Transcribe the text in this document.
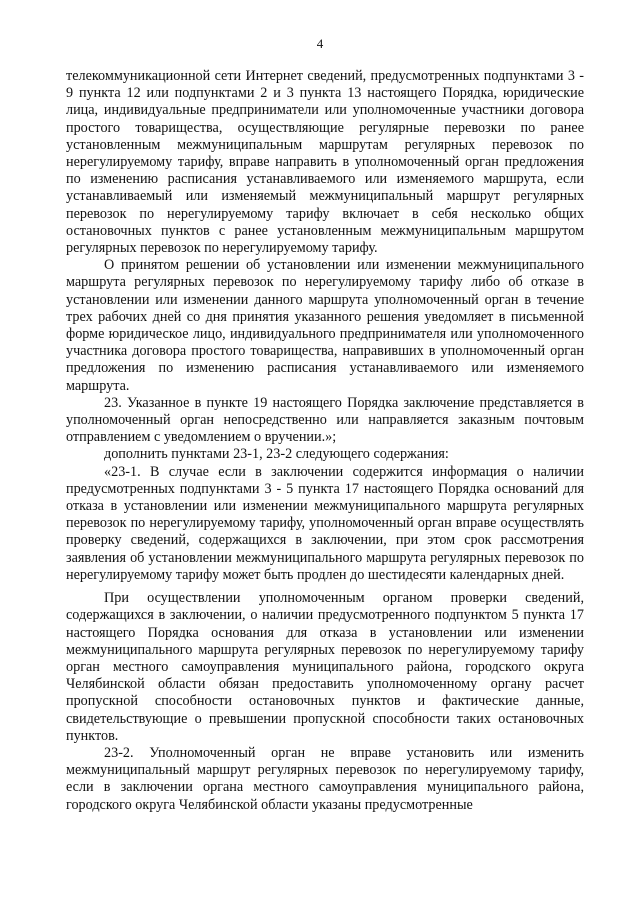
4

телекоммуникационной сети Интернет сведений, предусмотренных подпунктами 3 - 9 пункта 12 или подпунктами 2 и 3 пункта 13 настоящего Порядка, юридические лица, индивидуальные предприниматели или уполномоченные участники договора простого товарищества, осуществляющие регулярные перевозки по ранее установленным межмуниципальным маршрутам регулярных перевозок по нерегулируемому тарифу, вправе направить в уполномоченный орган предложения по изменению расписания устанавливаемого или изменяемого маршрута, если устанавливаемый или изменяемый межмуниципальный маршрут регулярных перевозок по нерегулируемому тарифу включает в себя несколько общих остановочных пунктов с ранее установленным межмуниципальным маршрутом регулярных перевозок по нерегулируемому тарифу.

О принятом решении об установлении или изменении межмуниципального маршрута регулярных перевозок по нерегулируемому тарифу либо об отказе в установлении или изменении данного маршрута уполномоченный орган в течение трех рабочих дней со дня принятия указанного решения уведомляет в письменной форме юридическое лицо, индивидуального предпринимателя или уполномоченного участника договора простого товарищества, направивших в уполномоченный орган предложения по изменению расписания устанавливаемого или изменяемого маршрута.

23. Указанное в пункте 19 настоящего Порядка заключение представляется в уполномоченный орган непосредственно или направляется заказным почтовым отправлением с уведомлением о вручении.»;

дополнить пунктами 23-1, 23-2 следующего содержания:

«23-1. В случае если в заключении содержится информация о наличии предусмотренных подпунктами 3 - 5 пункта 17 настоящего Порядка оснований для отказа в установлении или изменении межмуниципального маршрута регулярных перевозок по нерегулируемому тарифу, уполномоченный орган вправе осуществлять проверку сведений, содержащихся в заключении, при этом срок рассмотрения заявления об установлении межмуниципального маршрута регулярных перевозок по нерегулируемому тарифу может быть продлен до шестидесяти календарных дней.

При осуществлении уполномоченным органом проверки сведений, содержащихся в заключении, о наличии предусмотренного подпунктом 5 пункта 17 настоящего Порядка основания для отказа в установлении или изменении межмуниципального маршрута регулярных перевозок по нерегулируемому тарифу орган местного самоуправления муниципального района, городского округа Челябинской области обязан предоставить уполномоченному органу расчет пропускной способности остановочных пунктов и фактические данные, свидетельствующие о превышении пропускной способности таких остановочных пунктов.

23-2. Уполномоченный орган не вправе установить или изменить межмуниципальный маршрут регулярных перевозок по нерегулируемому тарифу, если в заключении органа местного самоуправления муниципального района, городского округа Челябинской области указаны предусмотренные
